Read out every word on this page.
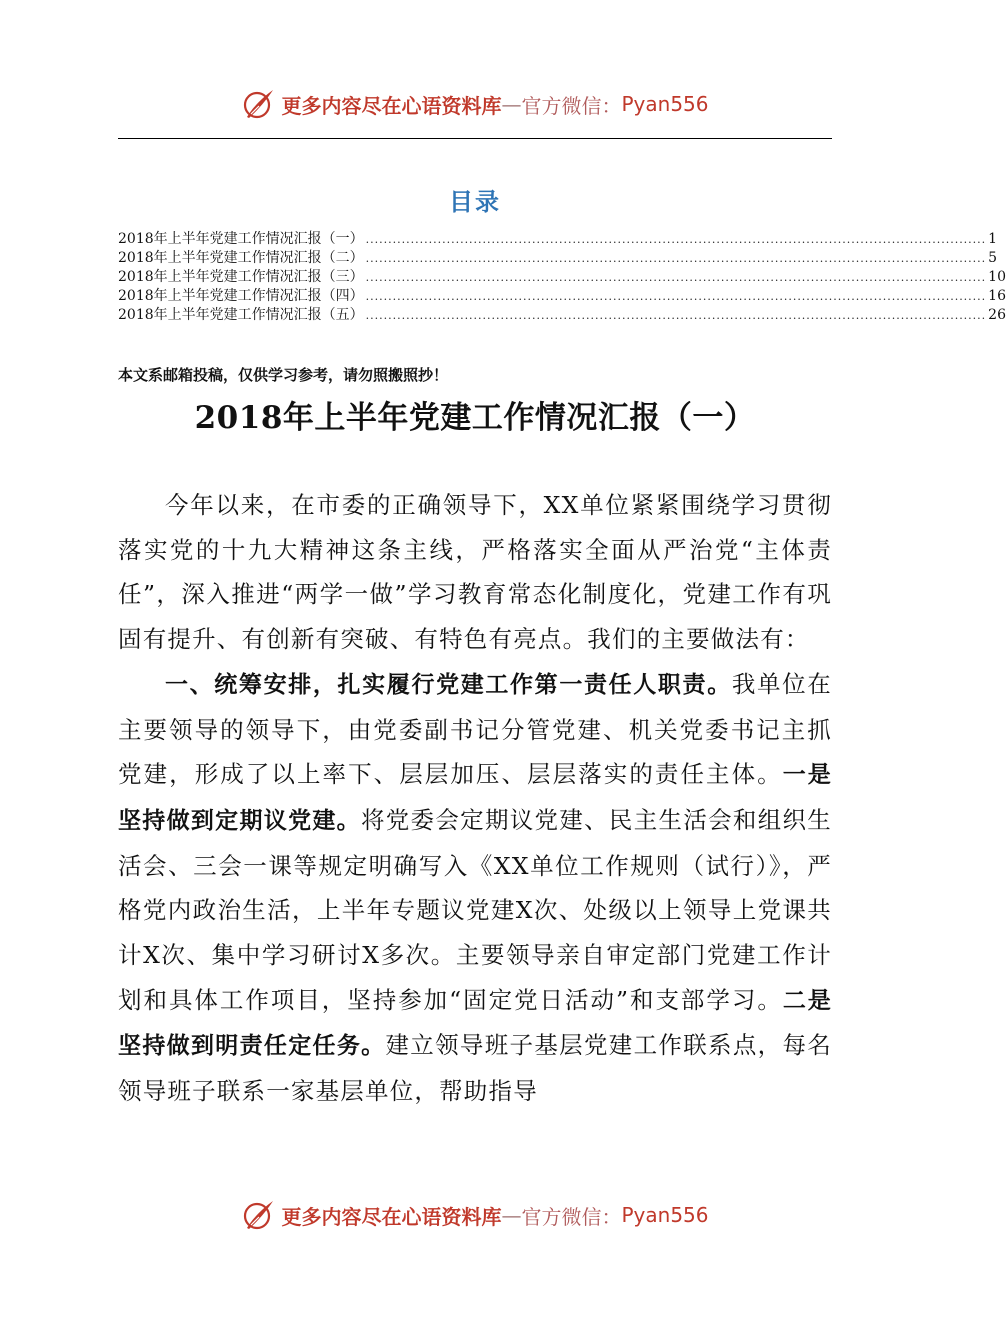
更多内容尽在心语资料库 — 官方微信： Pyan556
目录
2018年上半年党建工作情况汇报（一） .......................................................................................................................................... 1
2018年上半年党建工作情况汇报（二） .......................................................................................................................................... 5
2018年上半年党建工作情况汇报（三） .......................................................................................................................................... 10
2018年上半年党建工作情况汇报（四） .......................................................................................................................................... 16
2018年上半年党建工作情况汇报（五） .......................................................................................................................................... 26
本文系邮箱投稿，仅供学习参考，请勿照搬照抄！
2018年上半年党建工作情况汇报（一）

今年以来，在市委的正确领导下，XX单位紧紧围绕学习贯彻落实党的十九大精神这条主线，严格落实全面从严治党“主体责任”，深入推进“两学一做”学习教育常态化制度化，党建工作有巩固有提升、有创新有突破、有特色有亮点。我们的主要做法有：

一、统筹安排，扎实履行党建工作第一责任人职责。我单位在主要领导的领导下，由党委副书记分管党建、机关党委书记主抓党建，形成了以上率下、层层加压、层层落实的责任主体。一是坚持做到定期议党建。将党委会定期议党建、民主生活会和组织生活会、三会一课等规定明确写入《XX单位工作规则（试行）》，严格党内政治生活，上半年专题议党建X次、处级以上领导上党课共计X次、集中学习研讨X多次。主要领导亲自审定部门党建工作计划和具体工作项目，坚持参加“固定党日活动”和支部学习。二是坚持做到明责任定任务。建立领导班子基层党建工作联系点，每名领导班子联系一家基层单位，帮助指导

更多内容尽在心语资料库 — 官方微信： Pyan556
